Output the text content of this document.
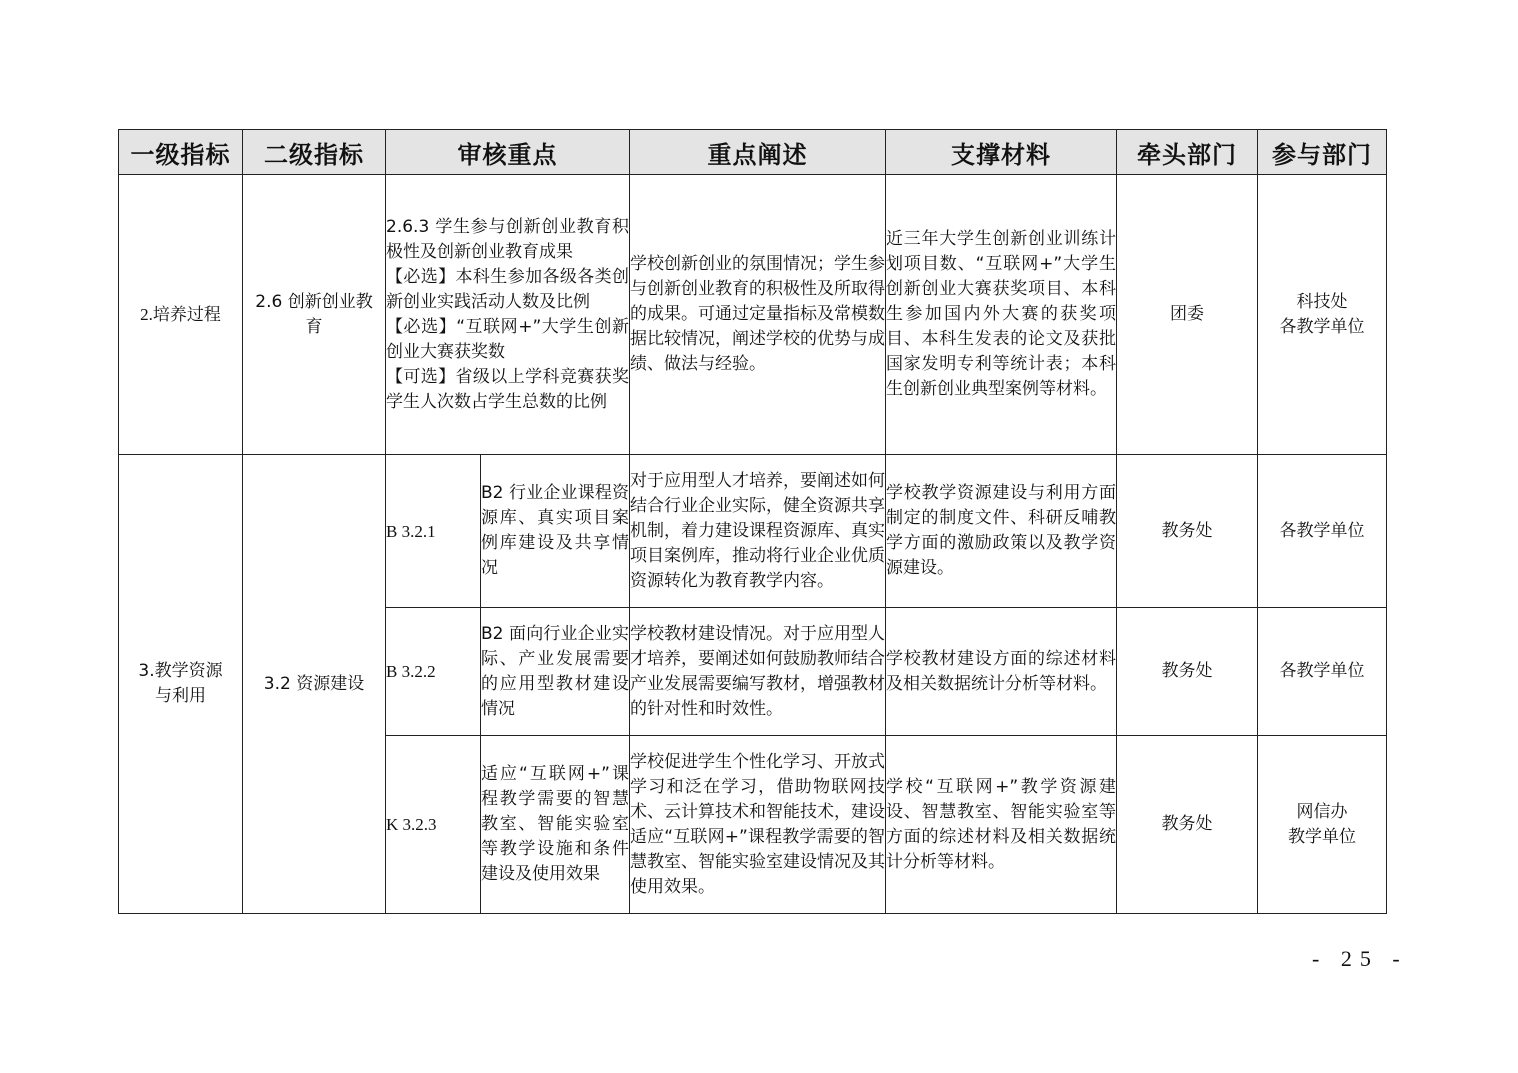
一级指标	二级指标	审核重点		重点阐述	支撑材料	牵头部门	参与部门
2.培养过程	2.6 创新创业教育	2.6.3 学生参与创新创业教育积极性及创新创业教育成果
【必选】本科生参加各级各类创新创业实践活动人数及比例
【必选】“互联网+”大学生创新创业大赛获奖数
【可选】省级以上学科竞赛获奖学生人次数占学生总数的比例		学校创新创业的氛围情况；学生参与创新创业教育的积极性及所取得的成果。可通过定量指标及常模数据比较情况，阐述学校的优势与成绩、做法与经验。	近三年大学生创新创业训练计划项目数、“互联网+”大学生创新创业大赛获奖项目、本科生参加国内外大赛的获奖项目、本科生发表的论文及获批国家发明专利等统计表；本科生创新创业典型案例等材料。	团委	科技处
各教学单位

3.教学资源
与利用	3.2 资源建设	B 3.2.1	B2 行业企业课程资源库、真实项目案例库建设及共享情况	对于应用型人才培养，要阐述如何结合行业企业实际，健全资源共享机制，着力建设课程资源库、真实项目案例库，推动将行业企业优质资源转化为教育教学内容。	学校教学资源建设与利用方面制定的制度文件、科研反哺教学方面的激励政策以及教学资源建设。	教务处	各教学单位
		B 3.2.2	B2 面向行业企业实际、产业发展需要的应用型教材建设情况	学校教材建设情况。对于应用型人才培养，要阐述如何鼓励教师结合产业发展需要编写教材，增强教材的针对性和时效性。	学校教材建设方面的综述材料及相关数据统计分析等材料。	教务处	各教学单位
		K 3.2.3	适应“互联网+”课程教学需要的智慧教室、智能实验室等教学设施和条件建设及使用效果	学校促进学生个性化学习、开放式学习和泛在学习，借助物联网技术、云计算技术和智能技术，建设适应“互联网+”课程教学需要的智慧教室、智能实验室建设情况及其使用效果。	学校“互联网+”教学资源建设、智慧教室、智能实验室等方面的综述材料及相关数据统计分析等材料。	教务处	网信办
教学单位
- 25 -
